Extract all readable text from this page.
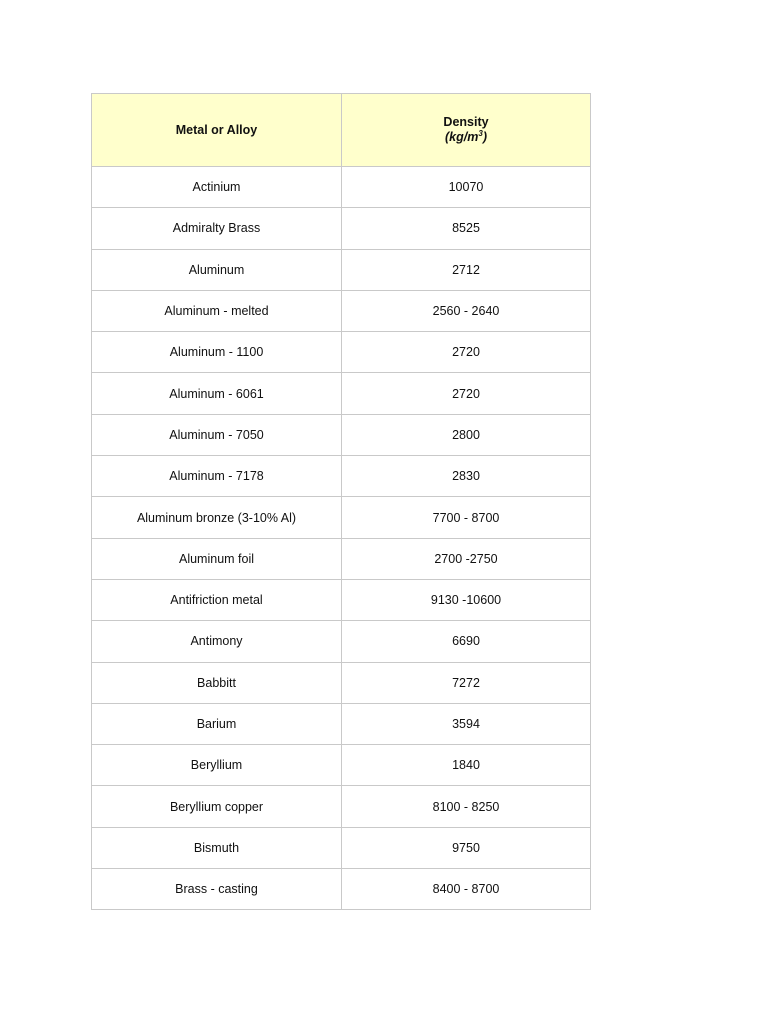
Metal or Alloy	Density
$(kg/m^3)$

Actinium	10070
Admiralty Brass	8525
Aluminum	2712
Aluminum - melted	2560 - 2640
Aluminum - 1100	2720
Aluminum - 6061	2720
Aluminum - 7050	2800
Aluminum - 7178	2830
Aluminum bronze (3-10% Al)	7700 - 8700
Aluminum foil	2700 -2750
Antifriction metal	9130 -10600
Antimony	6690
Babbitt	7272
Barium	3594
Beryllium	1840
Beryllium copper	8100 - 8250
Bismuth	9750
Brass - casting	8400 - 8700
